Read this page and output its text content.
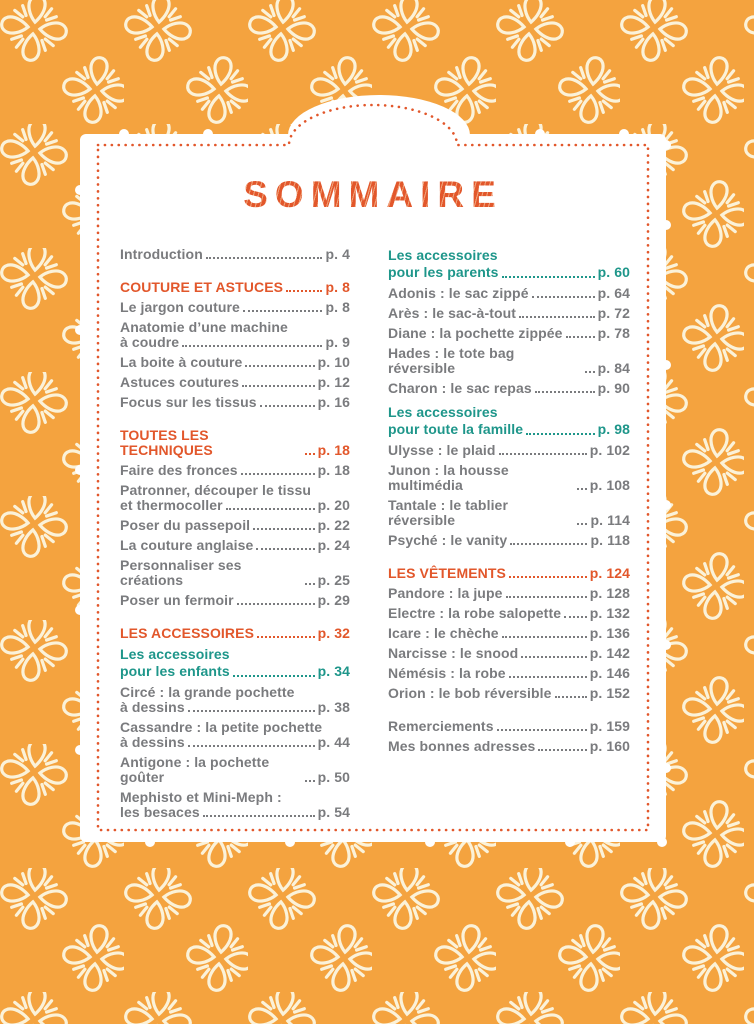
SOMMAIRE
Introduction	p. 4
COUTURE ET ASTUCES	p. 8
Le jargon couture	p. 8
Anatomie d’une machine
à coudre	p. 9
La boite à couture	p. 10
Astuces coutures	p. 12
Focus sur les tissus	p. 16
TOUTES LES TECHNIQUES	p. 18
Faire des fronces	p. 18
Patronner, découper le tissu
et thermocoller	p. 20
Poser du passepoil	p. 22
La couture anglaise	p. 24
Personnaliser ses créations	p. 25
Poser un fermoir	p. 29
LES ACCESSOIRES	p. 32
Les accessoires
pour les enfants	p. 34
Circé : la grande pochette
à dessins	p. 38
Cassandre : la petite pochette
à dessins	p. 44
Antigone : la pochette goûter	p. 50
Mephisto et Mini-Meph :
les besaces	p. 54
Les accessoires
pour les parents	p. 60
Adonis : le sac zippé	p. 64
Arès : le sac-à-tout	p. 72
Diane : la pochette zippée	p. 78
Hades : le tote bag réversible	p. 84
Charon : le sac repas	p. 90
Les accessoires
pour toute la famille	p. 98
Ulysse : le plaid	p. 102
Junon : la housse multimédia	p. 108
Tantale : le tablier réversible	p. 114
Psyché : le vanity	p. 118
LES VÊTEMENTS	p. 124
Pandore : la jupe	p. 128
Electre : la robe salopette p. 132
Icare : le chèche	p. 136
Narcisse : le snood	p. 142
Némésis : la robe	p. 146
Orion : le bob réversible	p. 152
Remerciements	p. 159
Mes bonnes adresses	p. 160
